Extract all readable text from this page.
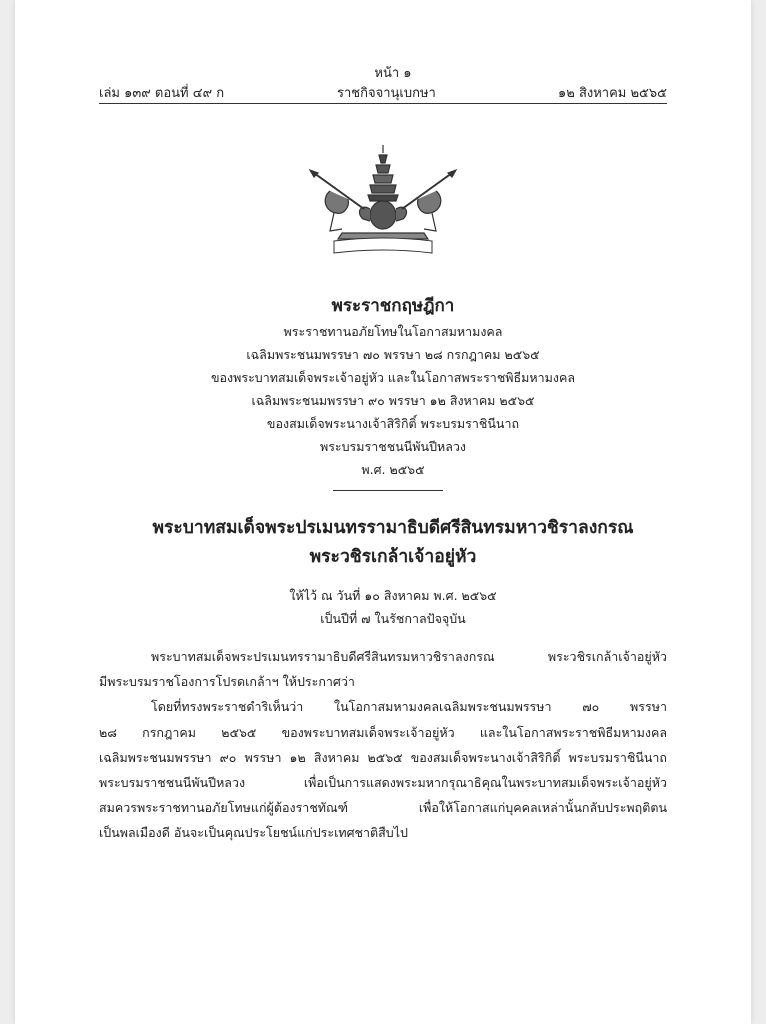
หน้า ๑
เล่ม ๑๓๙ ตอนที่ ๔๙ ก	ราชกิจจานุเบกษา	๑๒ สิงหาคม ๒๕๖๕
พระราชกฤษฎีกา
พระราชทานอภัยโทษในโอกาสมหามงคล
เฉลิมพระชนมพรรษา ๗๐ พรรษา ๒๘ กรกฎาคม ๒๕๖๕
ของพระบาทสมเด็จพระเจ้าอยู่หัว และในโอกาสพระราชพิธีมหามงคล
เฉลิมพระชนมพรรษา ๙๐ พรรษา ๑๒ สิงหาคม ๒๕๖๕
ของสมเด็จพระนางเจ้าสิริกิติ์ พระบรมราชินีนาถ
พระบรมราชชนนีพันปีหลวง
พ.ศ. ๒๕๖๕
พระบาทสมเด็จพระปรเมนทรรามาธิบดีศรีสินทรมหาวชิราลงกรณ
พระวชิรเกล้าเจ้าอยู่หัว
ให้ไว้ ณ วันที่ ๑๐ สิงหาคม พ.ศ. ๒๕๖๕
เป็นปีที่ ๗ ในรัชกาลปัจจุบัน
พระบาทสมเด็จพระปรเมนทรรามาธิบดีศรีสินทรมหาวชิราลงกรณ พระวชิรเกล้าเจ้าอยู่หัว
มีพระบรมราชโองการโปรดเกล้าฯ ให้ประกาศว่า
โดยที่ทรงพระราชดำริเห็นว่า ในโอกาสมหามงคลเฉลิมพระชนมพรรษา ๗๐ พรรษา
๒๘ กรกฎาคม ๒๕๖๕ ของพระบาทสมเด็จพระเจ้าอยู่หัว และในโอกาสพระราชพิธีมหามงคล
เฉลิมพระชนมพรรษา ๙๐ พรรษา ๑๒ สิงหาคม ๒๕๖๕ ของสมเด็จพระนางเจ้าสิริกิติ์ พระบรมราชินีนาถ
พระบรมราชชนนีพันปีหลวง เพื่อเป็นการแสดงพระมหากรุณาธิคุณในพระบาทสมเด็จพระเจ้าอยู่หัว
สมควรพระราชทานอภัยโทษแก่ผู้ต้องราชทัณฑ์ เพื่อให้โอกาสแก่บุคคลเหล่านั้นกลับประพฤติตน
เป็นพลเมืองดี อันจะเป็นคุณประโยชน์แก่ประเทศชาติสืบไป
